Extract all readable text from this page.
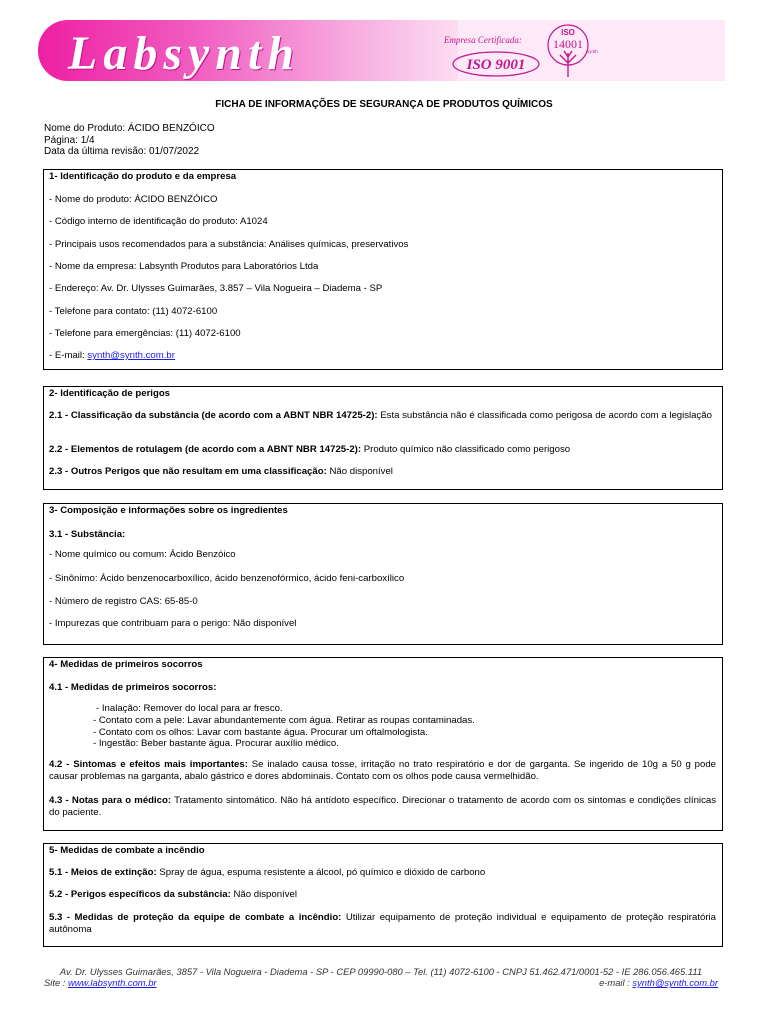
Labsynth	Empresa Certificada:
ISO 9001
ISO
14001
Synth
FICHA DE INFORMAÇÕES DE SEGURANÇA DE PRODUTOS QUÍMICOS
Nome do Produto: ÁCIDO BENZÓICO
Página: 1/4
Data da última revisão: 01/07/2022
1- Identificação do produto e da empresa
- Nome do produto: ÁCIDO BENZÓICO
- Código interno de identificação do produto: A1024
- Principais usos recomendados para a substância: Análises químicas, preservativos
- Nome da empresa: Labsynth Produtos para Laboratórios Ltda
- Endereço: Av. Dr. Ulysses Guimarães, 3.857 – Vila Nogueira – Diadema - SP
- Telefone para contato: (11) 4072-6100
- Telefone para emergências: (11) 4072-6100
- E-mail: synth@synth.com.br
2- Identificação de perigos
2.1 - Classificação da substância (de acordo com a ABNT NBR 14725-2): Esta substância não é classificada como perigosa de acordo com a legislação
2.2 - Elementos de rotulagem (de acordo com a ABNT NBR 14725-2): Produto químico não classificado como perigoso
2.3 - Outros Perigos que não resultam em uma classificação: Não disponível
3- Composição e informações sobre os ingredientes
3.1 - Substância:
- Nome químico ou comum: Ácido Benzóico
- Sinônimo: Ácido benzenocarboxílico, ácido benzenofórmico, ácido feni-carboxílico
- Número de registro CAS: 65-85-0
- Impurezas que contribuam para o perigo: Não disponível
4- Medidas de primeiros socorros
4.1 - Medidas de primeiros socorros:
- Inalação: Remover do local para ar fresco.
- Contato com a pele: Lavar abundantemente com água. Retirar as roupas contaminadas.
- Contato com os olhos: Lavar com bastante água. Procurar um oftalmologista.
- Ingestão: Beber bastante água. Procurar auxílio médico.
4.2 - Sintomas e efeitos mais importantes: Se inalado causa tosse, irritação no trato respiratório e dor de garganta. Se ingerido de 10g a 50 g pode causar problemas na garganta, abalo gástrico e dores abdominais. Contato com os olhos pode causa vermelhidão.
4.3 - Notas para o médico: Tratamento sintomático. Não há antídoto específico. Direcionar o tratamento de acordo com os sintomas e condições clínicas do paciente.
5- Medidas de combate a incêndio
5.1 - Meios de extinção: Spray de água, espuma resistente a álcool, pó químico e dióxido de carbono
5.2 - Perigos específicos da substância: Não disponível
5.3 - Medidas de proteção da equipe de combate a incêndio: Utilizar equipamento de proteção individual e equipamento de proteção respiratória autônoma
Av. Dr. Ulysses Guimarães, 3857 - Vila Nogueira - Diadema - SP - CEP 09990-080 – Tel. (11) 4072-6100 - CNPJ 51.462.471/0001-52 - IE 286.056.465.111
Site : www.labsynth.com.br	e-mail : synth@synth.com.br
